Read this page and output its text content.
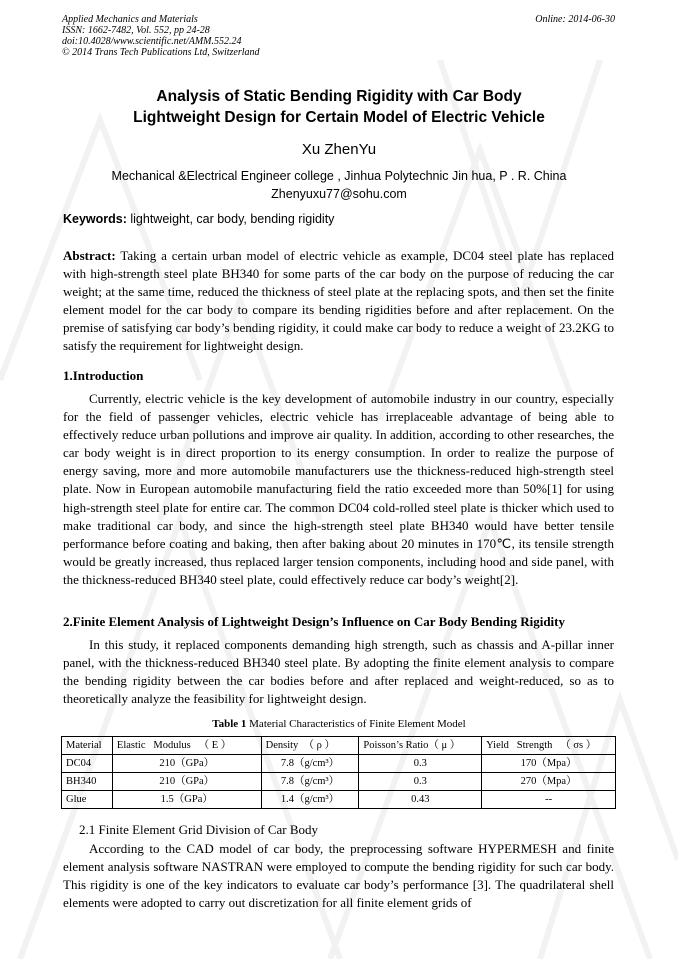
Applied Mechanics and Materials
ISSN: 1662-7482, Vol. 552, pp 24-28
doi:10.4028/www.scientific.net/AMM.552.24
© 2014 Trans Tech Publications Ltd, Switzerland
Online: 2014-06-30
Analysis of Static Bending Rigidity with Car Body
Lightweight Design for Certain Model of Electric Vehicle
Xu ZhenYu
Mechanical &Electrical Engineer college , Jinhua Polytechnic Jin hua, P . R. China
Zhenyuxu77@sohu.com
Keywords: lightweight, car body, bending rigidity
Abstract: Taking a certain urban model of electric vehicle as example, DC04 steel plate has replaced with high-strength steel plate BH340 for some parts of the car body on the purpose of reducing the car weight; at the same time, reduced the thickness of steel plate at the replacing spots, and then set the finite element model for the car body to compare its bending rigidities before and after replacement. On the premise of satisfying car body’s bending rigidity, it could make car body to reduce a weight of 23.2KG to satisfy the requirement for lightweight design.
1.Introduction
Currently, electric vehicle is the key development of automobile industry in our country, especially for the field of passenger vehicles, electric vehicle has irreplaceable advantage of being able to effectively reduce urban pollutions and improve air quality. In addition, according to other researches, the car body weight is in direct proportion to its energy consumption. In order to realize the purpose of energy saving, more and more automobile manufacturers use the thickness-reduced high-strength steel plate. Now in European automobile manufacturing field the ratio exceeded more than 50%[1] for using high-strength steel plate for entire car. The common DC04 cold-rolled steel plate is thicker which used to make traditional car body, and since the high-strength steel plate BH340 would have better tensile performance before coating and baking, then after baking about 20 minutes in 170℃, its tensile strength would be greatly increased, thus replaced larger tension components, including hood and side panel, with the thickness-reduced BH340 steel plate, could effectively reduce car body’s weight[2].
2.Finite Element Analysis of Lightweight Design’s Influence on Car Body Bending Rigidity
In this study, it replaced components demanding high strength, such as chassis and A-pillar inner panel, with the thickness-reduced BH340 steel plate. By adopting the finite element analysis to compare the bending rigidity between the car bodies before and after replaced and weight-reduced, so as to theoretically analyze the feasibility for lightweight design.
Table 1 Material Characteristics of Finite Element Model
Material	Elastic   Modulus   （ E ）	Density  （ ρ ）	Poisson’s Ratio（ μ ）	Yield   Strength   （ σs ）
DC04	210（GPa）	7.8（g/cm³）	0.3	170（Mpa）
BH340	210（GPa）	7.8（g/cm³）	0.3	270（Mpa）
Glue	1.5（GPa）	1.4（g/cm³）	0.43	--
2.1 Finite Element Grid Division of Car Body
According to the CAD model of car body, the preprocessing software HYPERMESH and finite element analysis software NASTRAN were employed to compute the bending rigidity for such car body. This rigidity is one of the key indicators to evaluate car body’s performance [3]. The quadrilateral shell elements were adopted to carry out discretization for all finite element grids of
